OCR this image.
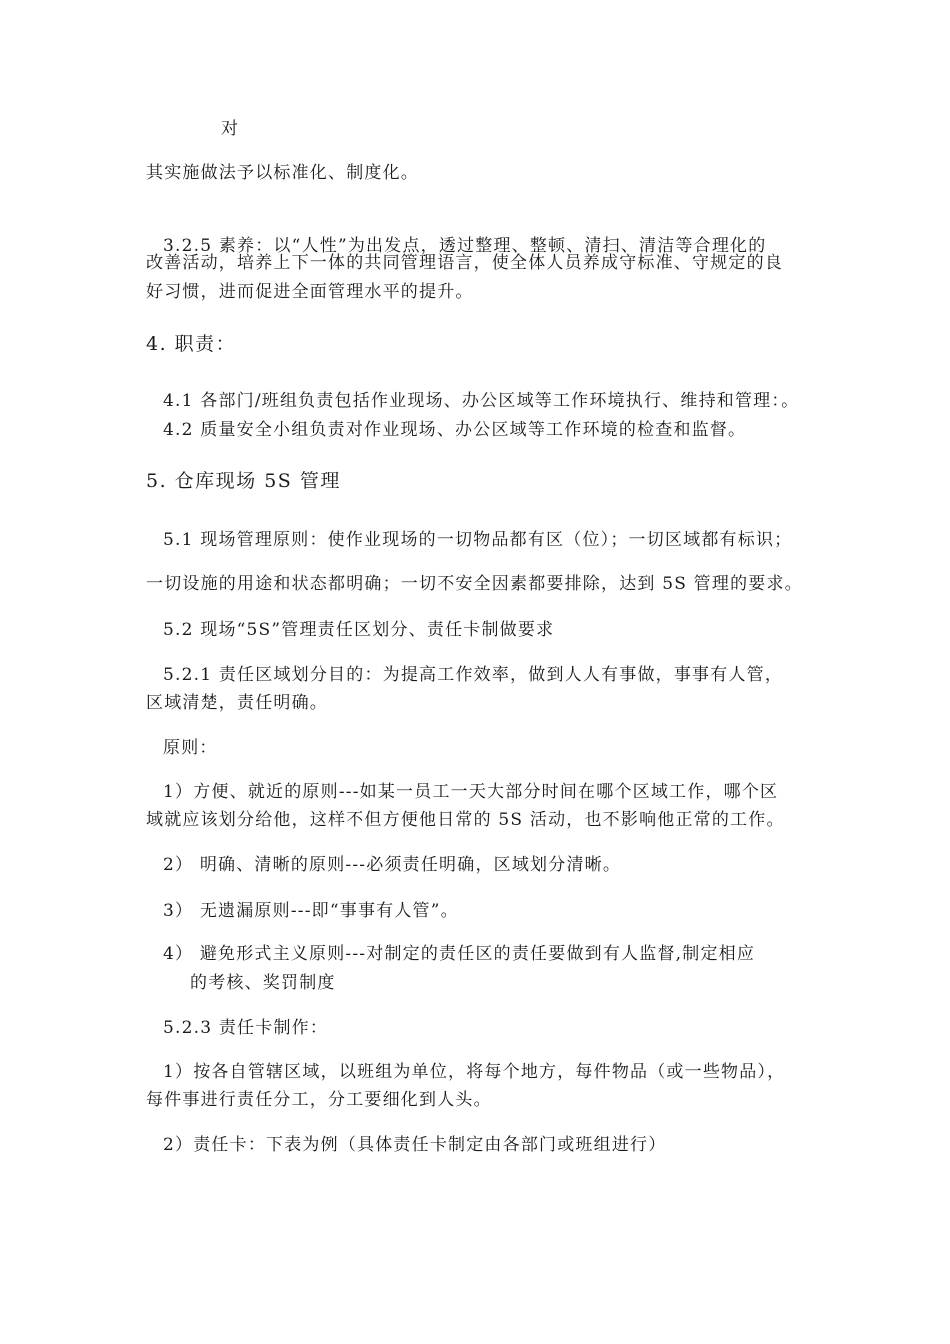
对
其实施做法予以标准化、制度化。
3.2.5 素养：以“人性”为出发点，透过整理、整顿、清扫、清洁等合理化的
改善活动，培养上下一体的共同管理语言，使全体人员养成守标准、守规定的良
好习惯，进而促进全面管理水平的提升。
4. 职责：
4.1 各部门/班组负责包括作业现场、办公区域等工作环境执行、维持和管理：。
4.2 质量安全小组负责对作业现场、办公区域等工作环境的检查和监督。
5. 仓库现场 5S 管理
5.1 现场管理原则：使作业现场的一切物品都有区（位）；一切区域都有标识；
一切设施的用途和状态都明确；一切不安全因素都要排除，达到 5S 管理的要求。
5.2 现场“5S”管理责任区划分、责任卡制做要求
5.2.1 责任区域划分目的：为提高工作效率，做到人人有事做，事事有人管，
区域清楚，责任明确。
原则：
1）方便、就近的原则---如某一员工一天大部分时间在哪个区域工作，哪个区
域就应该划分给他，这样不但方便他日常的 5S 活动，也不影响他正常的工作。
2） 明确、清晰的原则---必须责任明确，区域划分清晰。
3） 无遗漏原则---即“事事有人管”。
4） 避免形式主义原则---对制定的责任区的责任要做到有人监督,制定相应
的考核、奖罚制度
5.2.3 责任卡制作：
1）按各自管辖区域，以班组为单位，将每个地方，每件物品（或一些物品），
每件事进行责任分工，分工要细化到人头。
2）责任卡：下表为例（具体责任卡制定由各部门或班组进行）
